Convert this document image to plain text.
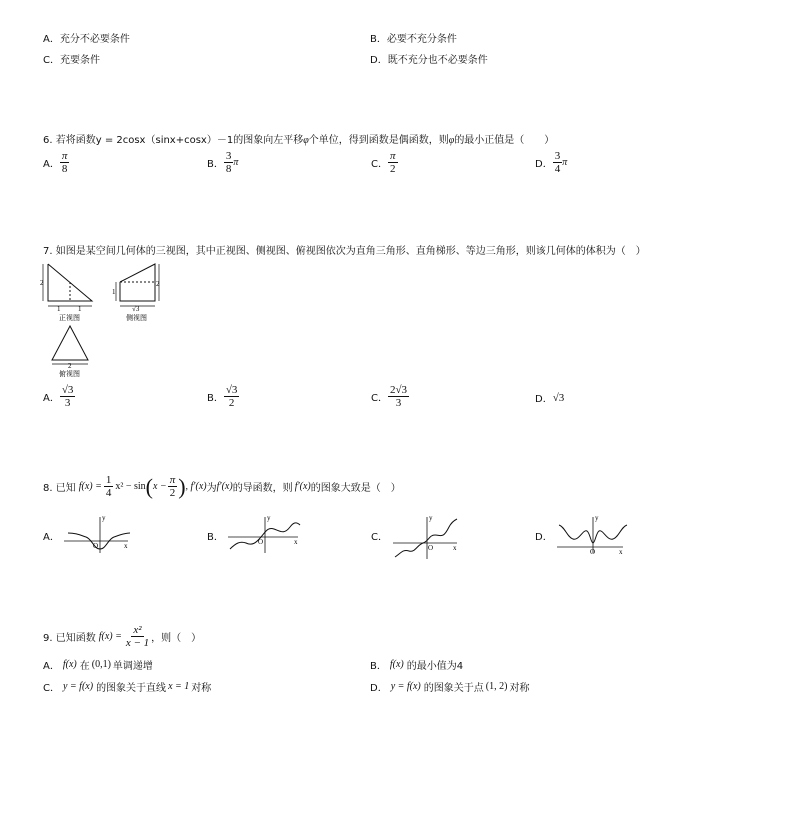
A．充分不必要条件	B．必要不充分条件
C．充要条件	D．既不充分也不必要条件
6. 若将函数y = 2cosx（sinx+cosx）－1的图象向左平移φ个单位，得到函数是偶函数，则φ的最小正值是（　　）
A． $\frac{\pi}{8}$	B． $\frac{3}{8}$ π	C． $\frac{\pi}{2}$	D． $\frac{3}{4}$ π
7. 如图是某空间几何体的三视图，其中正视图、侧视图、俯视图依次为直角三角形、直角梯形、等边三角形，则该几何体的体积为（　）
2
1	1
正视图
1
2
√3
侧视图
2
俯视图
A． $\frac{√3}{3}$	B． $\frac{√3}{2}$	C． $\frac{2√3}{3}$	D． √3
8. 已知 $f(x) = \frac{1}{4} x^2 - \sin$ ( $x - \frac{\pi}{2}$ ) , f′(x) 为 f′(x) 的导函数，则 f′(x) 的图象大致是（　）
A．	B．	C．	D．
x
y
O	x
y
O
x
y
O	x
y
O
9. 已知函数 $f(x) = \frac{\text{x²}}{x - 1}$ ，则（　）
A． f(x) 在 (0,1) 单调递增	B． f(x) 的最小值为4
C． y = f(x) 的图象关于直线 x = 1 对称	D． y = f(x) 的图象关于点 (1, 2) 对称
